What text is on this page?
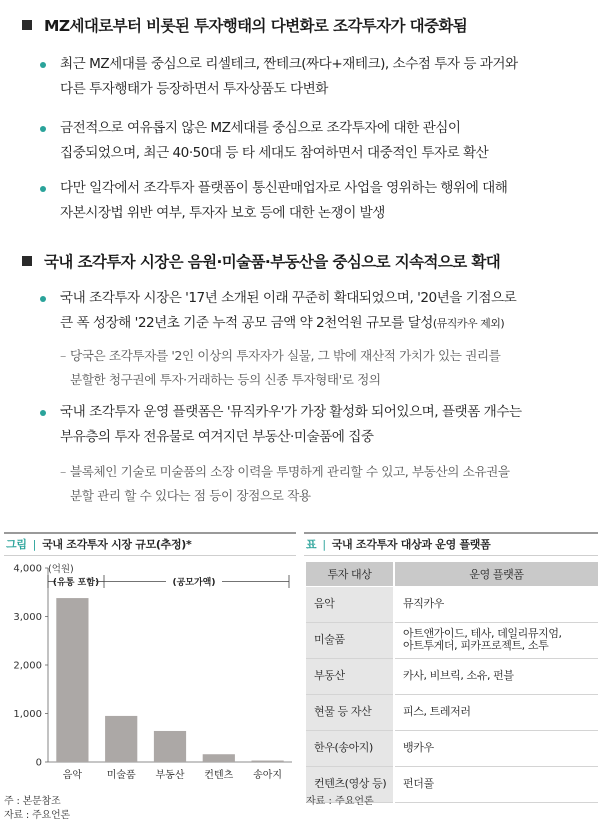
MZ세대로부터 비롯된 투자행태의 다변화로 조각투자가 대중화됨
최근 MZ세대를 중심으로 리셀테크, 짠테크(짜다+재테크), 소수점 투자 등 과거와
다른 투자행태가 등장하면서 투자상품도 다변화
금전적으로 여유롭지 않은 MZ세대를 중심으로 조각투자에 대한 관심이
집중되었으며, 최근 40·50대 등 타 세대도 참여하면서 대중적인 투자로 확산
다만 일각에서 조각투자 플랫폼이 통신판매업자로 사업을 영위하는 행위에 대해
자본시장법 위반 여부, 투자자 보호 등에 대한 논쟁이 발생
국내 조각투자 시장은 음원·미술품·부동산을 중심으로 지속적으로 확대
국내 조각투자 시장은 '17년 소개된 이래 꾸준히 확대되었으며, '20년을 기점으로
큰 폭 성장해 '22년초 기준 누적 공모 금액 약 2천억원 규모를 달성(뮤직카우 제외)
– 당국은 조각투자를 '2인 이상의 투자자가 실물, 그 밖에 재산적 가치가 있는 권리를
분할한 청구권에 투자·거래하는 등의 신종 투자형태'로 정의
국내 조각투자 운영 플랫폼은 '뮤직카우'가 가장 활성화 되어있으며, 플랫폼 개수는
부유층의 투자 전유물로 여겨지던 부동산·미술품에 집중
– 블록체인 기술로 미술품의 소장 이력을 투명하게 관리할 수 있고, 부동산의 소유권을
분할 관리 할 수 있다는 점 등이 장점으로 작용
그림 | 국내 조각투자 시장 규모(추정)*
(억원)
0
1,000
2,000
3,000
4,000
음악 미술품 부동산 컨텐츠 송아지
(유통 포함)	(공모가액)
주 : 본문참조
자료 : 주요언론
표 | 국내 조각투자 대상과 운영 플랫폼
투자 대상	운영 플랫폼
음악	뮤직카우
미술품	아트앤가이드, 테사, 데일리뮤지엄,
아트투게더, 피카프로젝트, 소투

부동산	카사, 비브릭, 소유, 펀블
현물 등 자산	피스, 트레저러
한우(송아지)	뱅카우
컨텐츠(영상 등)	펀더풀
자료 : 주요언론
